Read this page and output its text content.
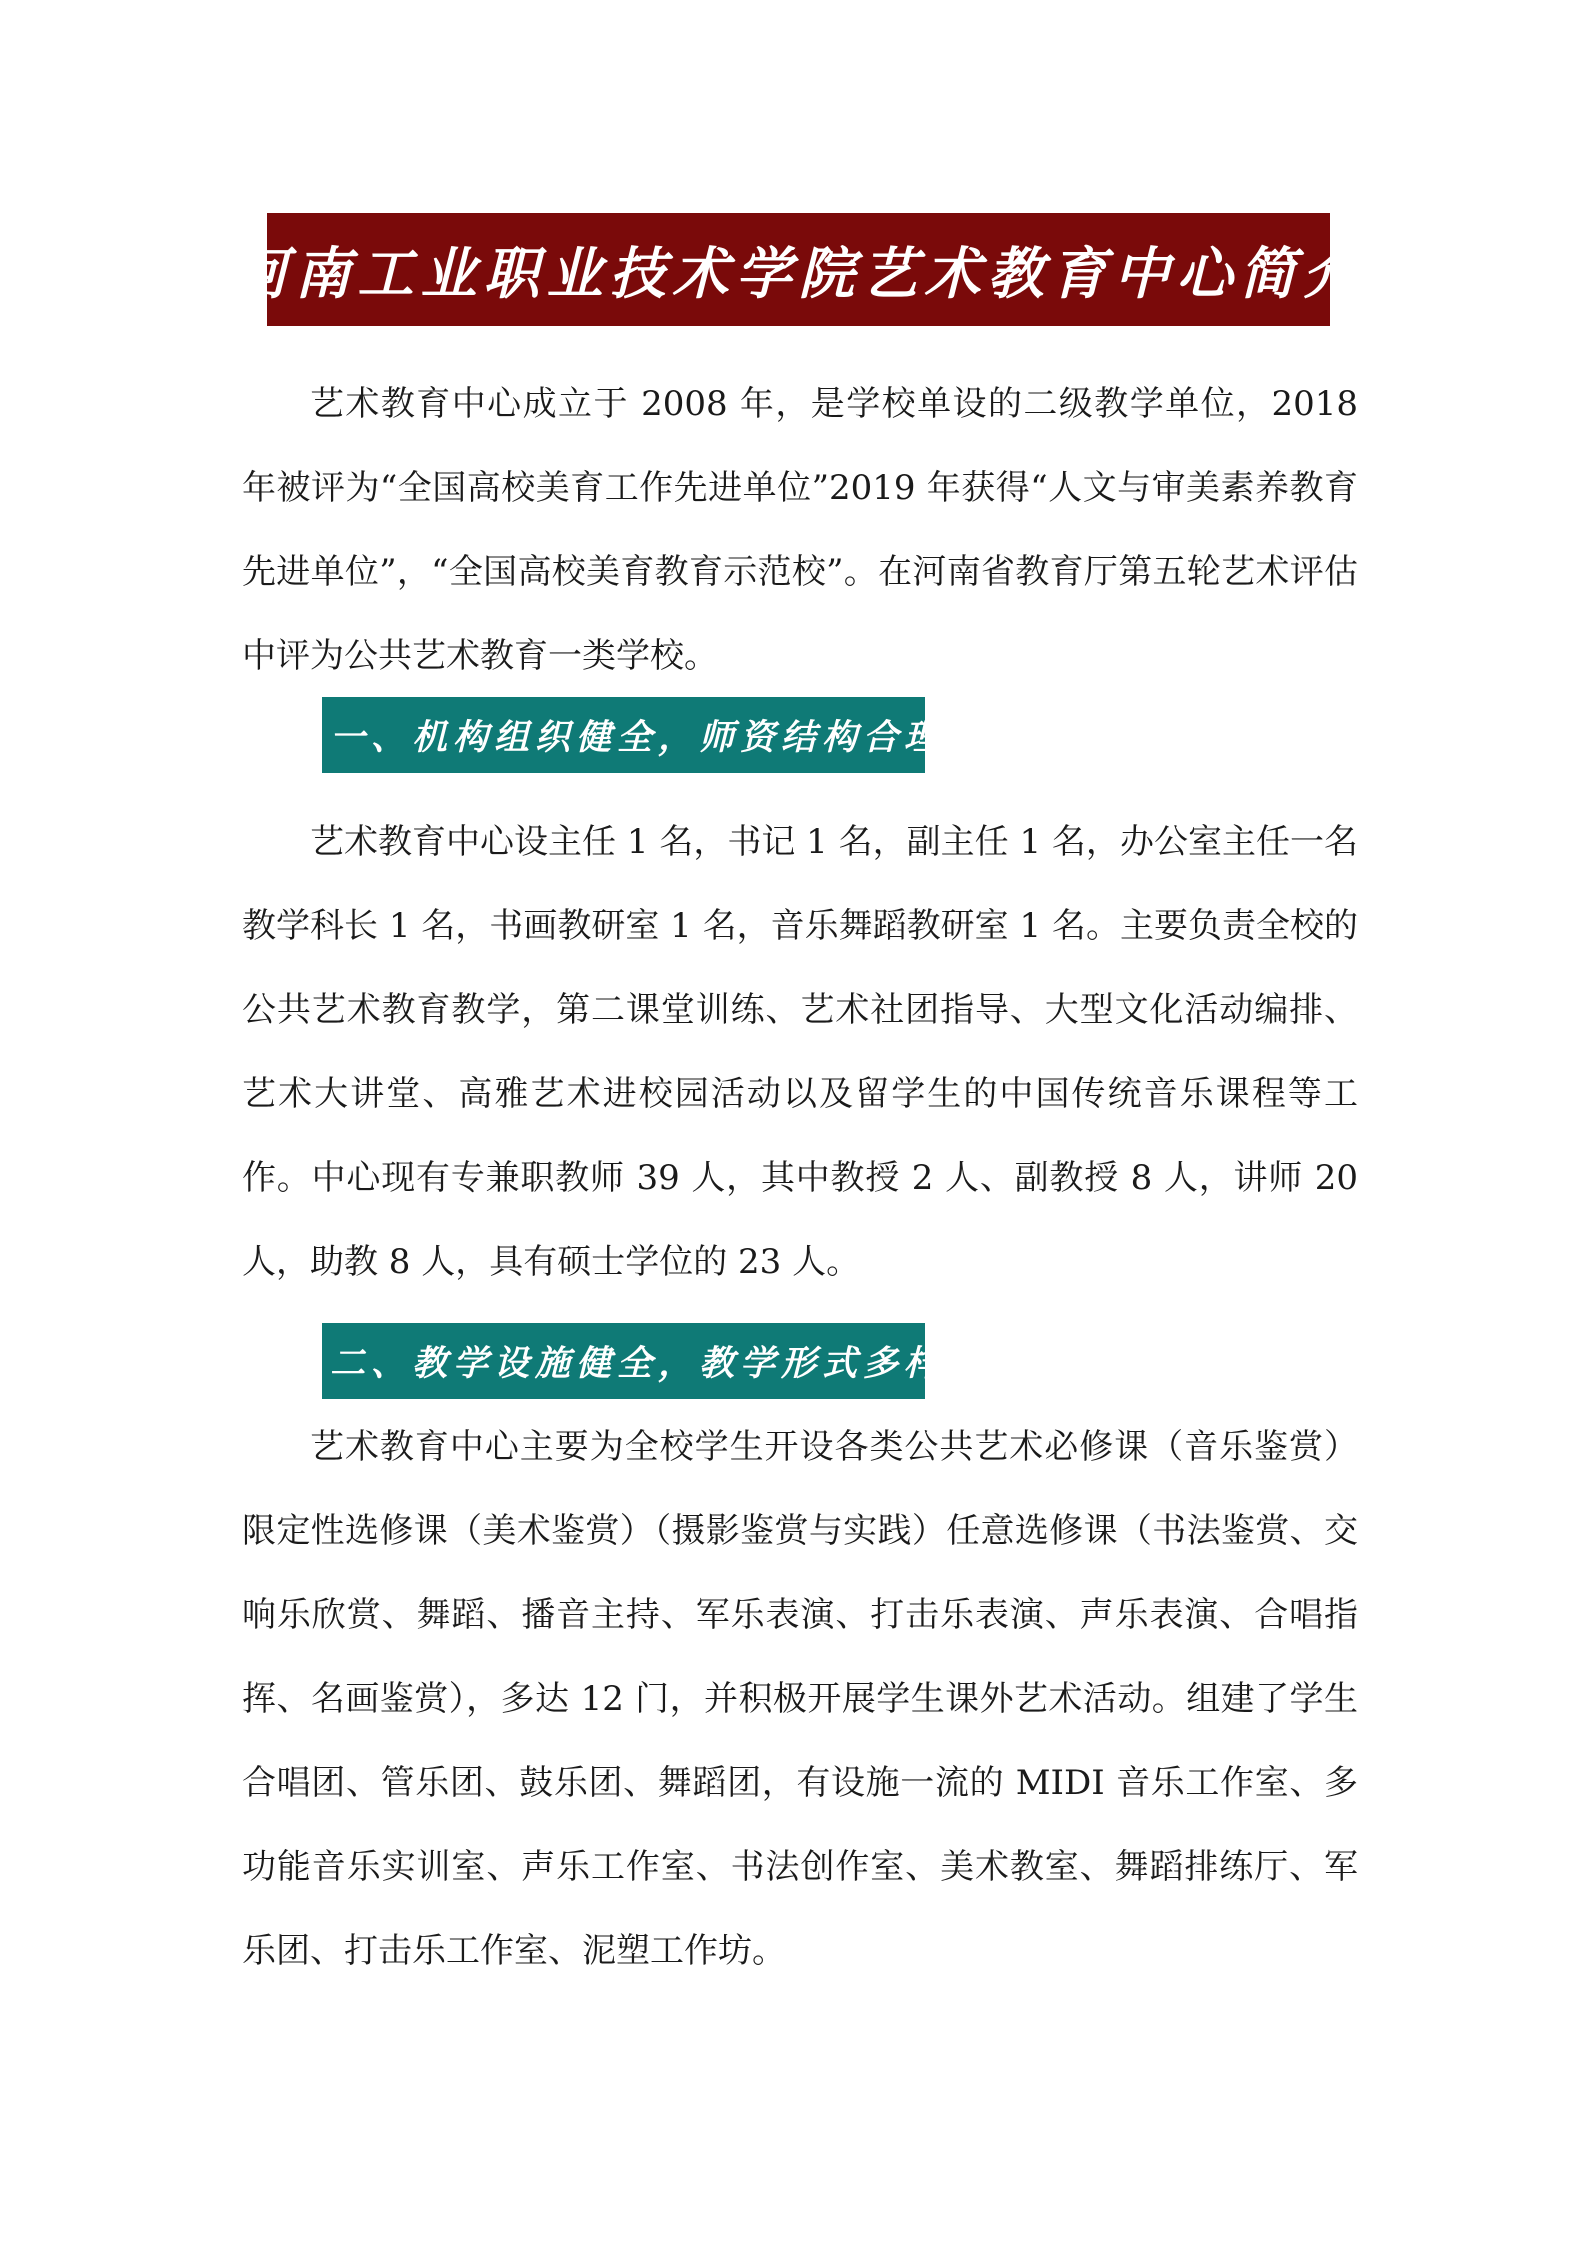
河南工业职业技术学院艺术教育中心简介

艺术教育中心成立于 2008 年，是学校单设的二级教学单位，2018 年被评为“全国高校美育工作先进单位”2019 年获得“人文与审美素养教育先进单位”，“全国高校美育教育示范校”。在河南省教育厅第五轮艺术评估中评为公共艺术教育一类学校。

一、机构组织健全，师资结构合理

艺术教育中心设主任 1 名，书记 1 名，副主任 1 名，办公室主任一名教学科长 1 名，书画教研室 1 名，音乐舞蹈教研室 1 名。主要负责全校的公共艺术教育教学，第二课堂训练、艺术社团指导、大型文化活动编排、艺术大讲堂、高雅艺术进校园活动以及留学生的中国传统音乐课程等工作。中心现有专兼职教师 39 人，其中教授 2 人、副教授 8 人，讲师 20 人，助教 8 人，具有硕士学位的 23 人。

二、教学设施健全，教学形式多样

艺术教育中心主要为全校学生开设各类公共艺术必修课（音乐鉴赏）限定性选修课（美术鉴赏）（摄影鉴赏与实践）任意选修课（书法鉴赏、交响乐欣赏、舞蹈、播音主持、军乐表演、打击乐表演、声乐表演、合唱指挥、名画鉴赏），多达 12 门，并积极开展学生课外艺术活动。组建了学生合唱团、管乐团、鼓乐团、舞蹈团，有设施一流的 MIDI 音乐工作室、多功能音乐实训室、声乐工作室、书法创作室、美术教室、舞蹈排练厅、军乐团、打击乐工作室、泥塑工作坊。
